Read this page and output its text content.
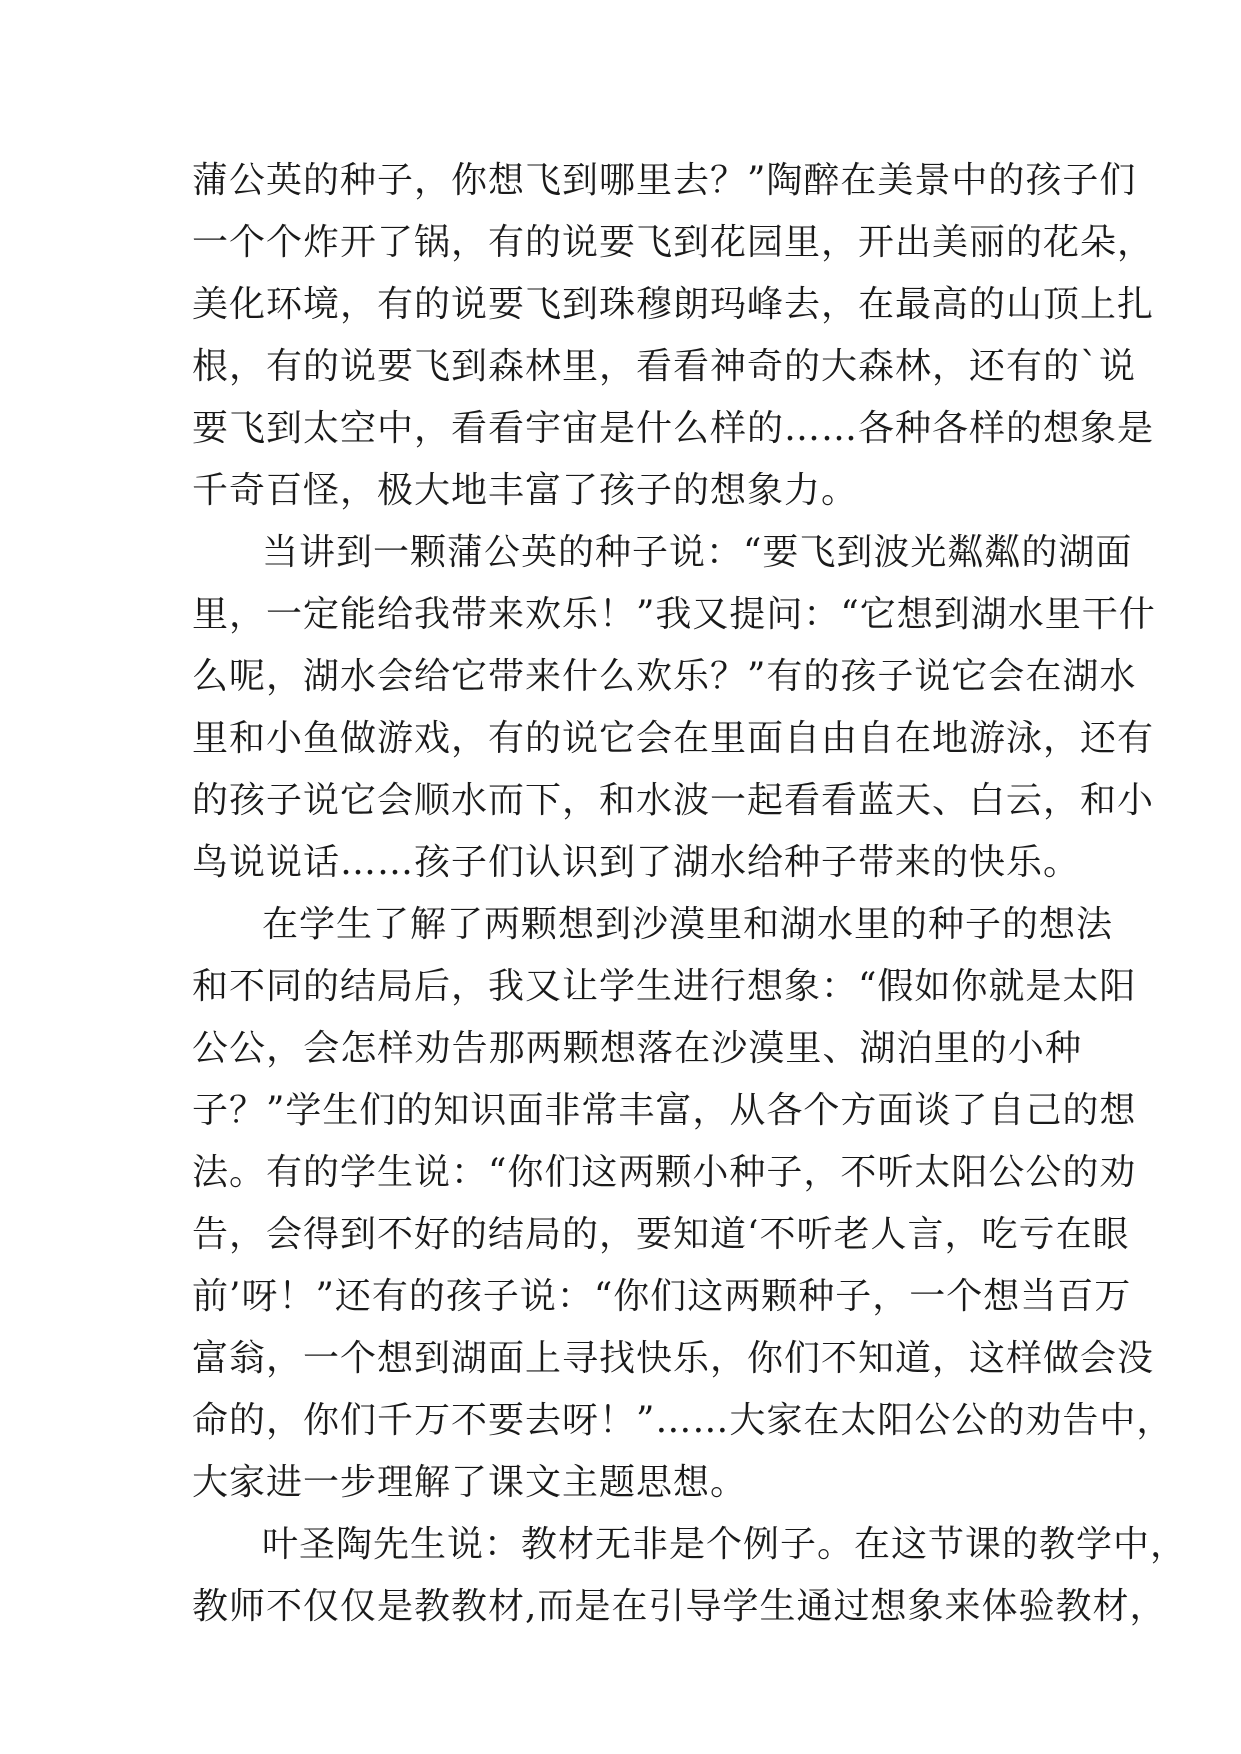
蒲公英的种子，你想飞到哪里去？”陶醉在美景中的孩子们
一个个炸开了锅，有的说要飞到花园里，开出美丽的花朵，
美化环境，有的说要飞到珠穆朗玛峰去，在最高的山顶上扎
根，有的说要飞到森林里，看看神奇的大森林，还有的`说
要飞到太空中，看看宇宙是什么样的……各种各样的想象是
千奇百怪，极大地丰富了孩子的想象力。
当讲到一颗蒲公英的种子说：“要飞到波光粼粼的湖面
里，一定能给我带来欢乐！”我又提问：“它想到湖水里干什
么呢，湖水会给它带来什么欢乐？”有的孩子说它会在湖水
里和小鱼做游戏，有的说它会在里面自由自在地游泳，还有
的孩子说它会顺水而下，和水波一起看看蓝天、白云，和小
鸟说说话……孩子们认识到了湖水给种子带来的快乐。
在学生了解了两颗想到沙漠里和湖水里的种子的想法
和不同的结局后，我又让学生进行想象：“假如你就是太阳
公公，会怎样劝告那两颗想落在沙漠里、湖泊里的小种
子？”学生们的知识面非常丰富，从各个方面谈了自己的想
法。有的学生说：“你们这两颗小种子，不听太阳公公的劝
告，会得到不好的结局的，要知道‘不听老人言，吃亏在眼
前’呀！”还有的孩子说：“你们这两颗种子，一个想当百万
富翁，一个想到湖面上寻找快乐，你们不知道，这样做会没
命的，你们千万不要去呀！”……大家在太阳公公的劝告中，
大家进一步理解了课文主题思想。
叶圣陶先生说：教材无非是个例子。在这节课的教学中，
教师不仅仅是教教材,而是在引导学生通过想象来体验教材，
